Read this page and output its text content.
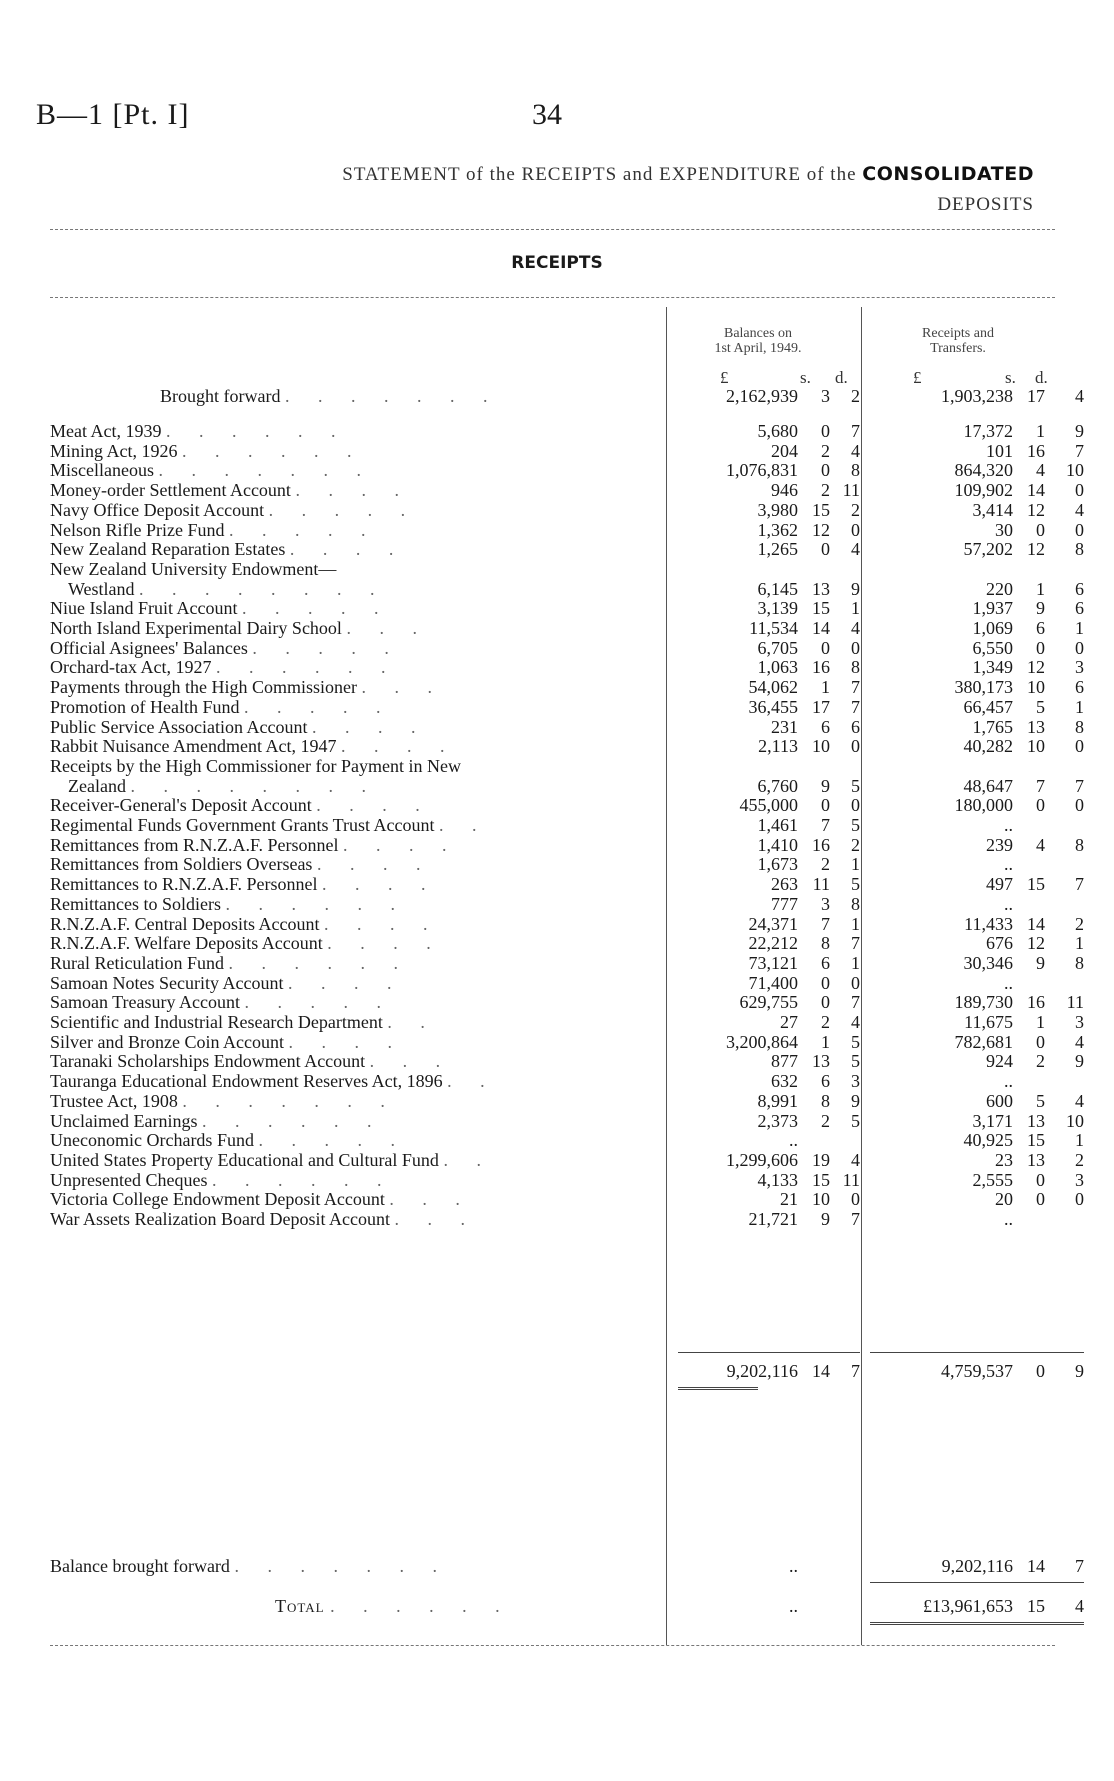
B—1 [Pt. I]	34
STATEMENT of the RECEIPTS and EXPENDITURE of the CONSOLIDATED
DEPOSITS
RECEIPTS
Balances on
1st April, 1949.
Receipts and
Transfers.
£	s. d.	£	s. d.
Brought forward . . . . . . .	2,162,939	3	2	1,903,238 17	4
Meat Act, 1939 . . . . . .	5,680	0	7	17,372	1	9
Mining Act, 1926 . . . . . .	204	2	4	101 16	7
Miscellaneous . . . . . . .	1,076,831	0	8	864,320	4	10
Money-order Settlement Account . . . .	946	2 11	109,902 14	0
Navy Office Deposit Account . . . . .	3,980 15	2	3,414 12	4
Nelson Rifle Prize Fund . . . . .	1,362 12	0	30	0	0
New Zealand Reparation Estates . . . .	1,265	0	4	57,202 12	8
New Zealand University Endowment—
Westland . . . . . . . .	6,145 13	9	220	1	6
Niue Island Fruit Account . . . . .	3,139 15	1	1,937	9	6
North Island Experimental Dairy School . . .	11,534 14	4	1,069	6	1
Official Asignees' Balances . . . . .	6,705	0	0	6,550	0	0
Orchard-tax Act, 1927 . . . . . .	1,063 16	8	1,349 12	3
Payments through the High Commissioner . . .	54,062	1	7	380,173 10	6
Promotion of Health Fund . . . . .	36,455 17	7	66,457	5	1
Public Service Association Account . . . .	231	6	6	1,765 13	8
Rabbit Nuisance Amendment Act, 1947 . . . .	2,113 10	0	40,282 10	0
Receipts by the High Commissioner for Payment in New
Zealand . . . . . . . .	6,760	9	5	48,647	7	7
Receiver-General's Deposit Account . . . .	455,000	0	0	180,000	0	0
Regimental Funds Government Grants Trust Account . .	1,461	7	5	..
Remittances from R.N.Z.A.F. Personnel . . . .	1,410 16	2	239	4	8
Remittances from Soldiers Overseas . . . .	1,673	2	1	..
Remittances to R.N.Z.A.F. Personnel . . . .	263 11	5	497 15	7
Remittances to Soldiers . . . . . .	777	3	8	..
R.N.Z.A.F. Central Deposits Account . . . .	24,371	7	1	11,433 14	2
R.N.Z.A.F. Welfare Deposits Account . . . .	22,212	8	7	676 12	1
Rural Reticulation Fund . . . . . .	73,121	6	1	30,346	9	8
Samoan Notes Security Account . . . .	71,400	0	0	..
Samoan Treasury Account . . . . .	629,755	0	7	189,730 16	11
Scientific and Industrial Research Department . .	27	2	4	11,675	1	3
Silver and Bronze Coin Account . . . .	3,200,864	1	5	782,681	0	4
Taranaki Scholarships Endowment Account . . .	877 13	5	924	2	9
Tauranga Educational Endowment Reserves Act, 1896 . .	632	6	3	..
Trustee Act, 1908 . . . . . . .	8,991	8	9	600	5	4
Unclaimed Earnings . . . . . .	2,373	2	5	3,171 13	10
Uneconomic Orchards Fund . . . . .	..	40,925 15	1
United States Property Educational and Cultural Fund . .	1,299,606 19	4	23 13	2
Unpresented Cheques . . . . . .	4,133 15 11	2,555	0	3
Victoria College Endowment Deposit Account . . .	21 10	0	20	0	0
War Assets Realization Board Deposit Account . . .	21,721	9	7	..
9,202,116 14	7	4,759,537	0	9
Balance brought forward . . . . . . .	..	9,202,116 14	7
Total . . . . . .	..	£13,961,653 15	4
